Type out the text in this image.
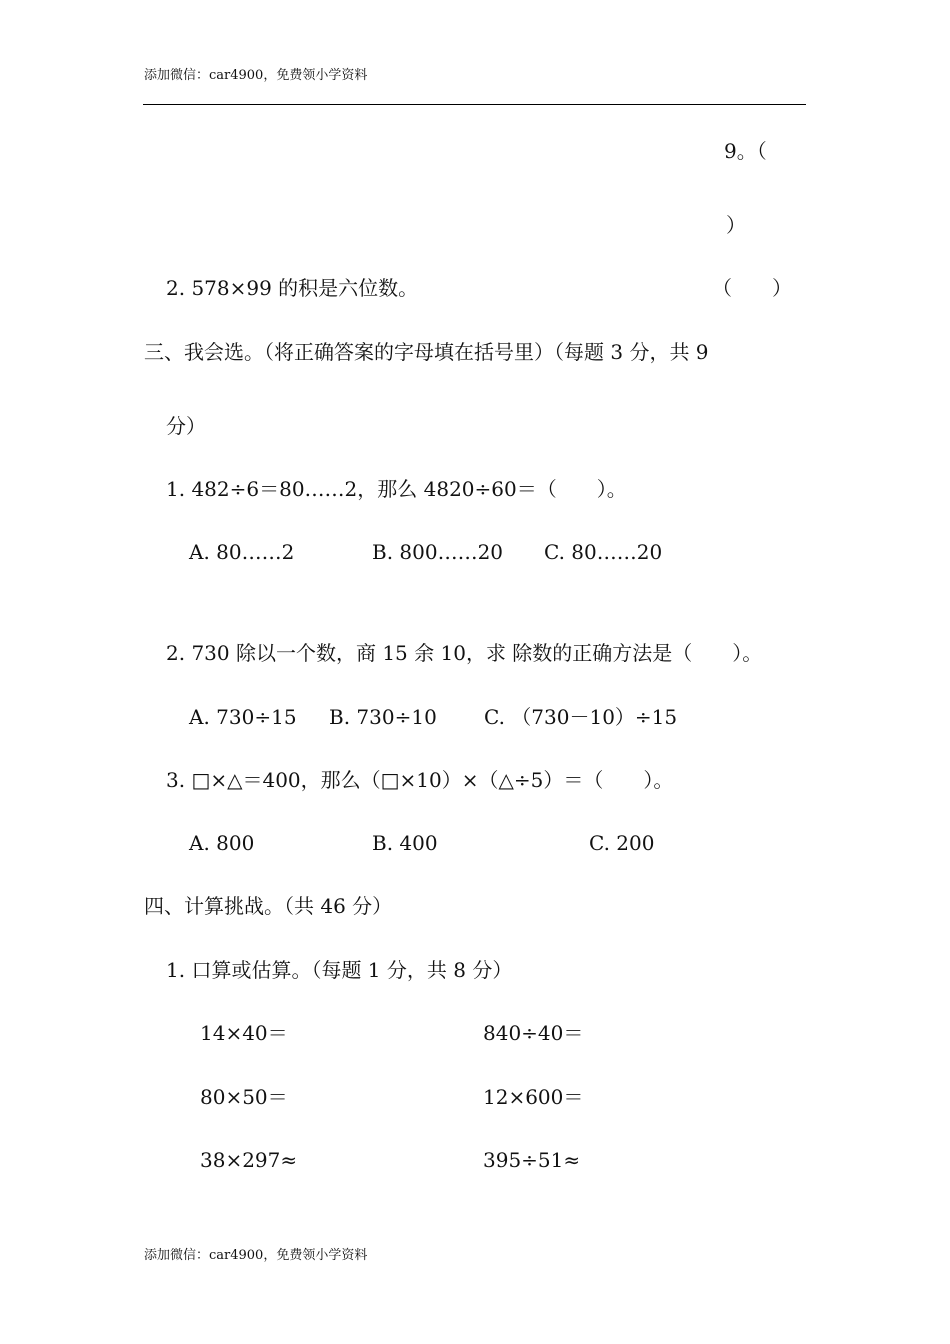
添加微信：car4900，免费领小学资料
9。（
）
2. 578×99 的积是六位数。	（　　）
三、我会选。（将正确答案的字母填在括号里）（每题 3 分，共 9
分）
1. 482÷6＝80……2，那么 4820÷60＝（　　）。
A. 80……2	B. 800……20 C. 80……20
2. 730 除以一个数，商 15 余 10，求 除数的正确方法是（　　）。
A. 730÷15 B. 730÷10 C. （730－10）÷15
3. □×△＝400，那么（□×10）×（△÷5）＝（　　）。
A. 800	B. 400	C. 200
四、计算挑战。（共 46 分）
1. 口算或估算。（每题 1 分，共 8 分）
14×40＝	840÷40＝
80×50＝	12×600＝
38×297≈	395÷51≈
添加微信：car4900，免费领小学资料
